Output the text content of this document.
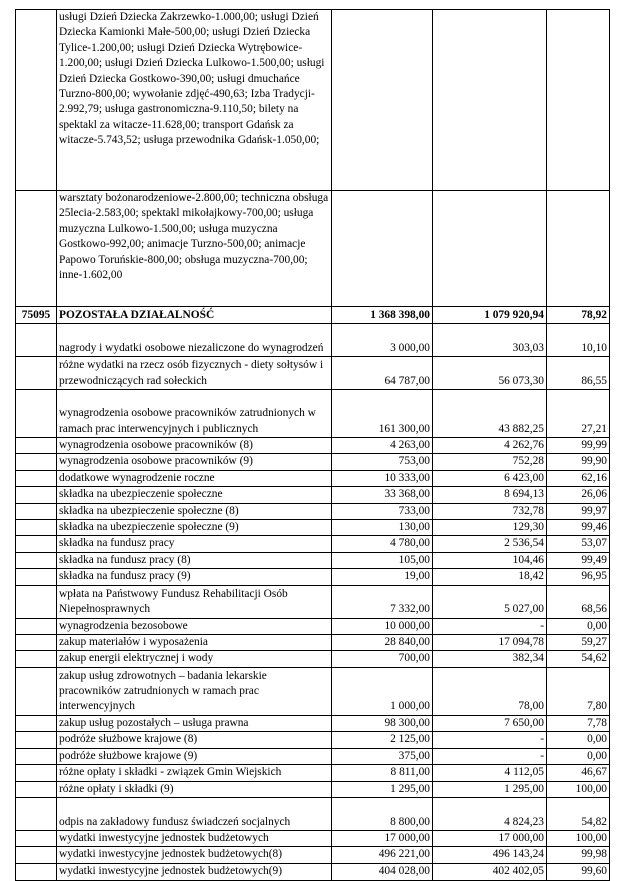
	usługi Dzień Dziecka Zakrzewko-1.000,00; usługi Dzień Dziecka Kamionki Małe-500,00; usługi Dzień Dziecka Tylice-1.200,00; usługi Dzień Dziecka Wytrębowice-1.200,00; usługi Dzień Dziecka Lulkowo-1.500,00; usługi Dzień Dziecka Gostkowo-390,00; usługi dmuchańce Turzno-800,00; wywołanie zdjęć-490,63; Izba Tradycji-2.992,79; usługa gastronomiczna-9.110,50; bilety na spektakl za witacze-11.628,00; transport Gdańsk za witacze-5.743,52; usługa przewodnika Gdańsk-1.050,00;			

	warsztaty bożonarodzeniowe-2.800,00; techniczna obsługa 25lecia-2.583,00; spektakl mikołajkowy-700,00; usługa muzyczna Lulkowo-1.500,00; usługa muzyczna Gostkowo-992,00; animacje Turzno-500,00; animacje Papowo Toruńskie-800,00; obsługa muzyczna-700,00; inne-1.602,00			

75095	POZOSTAŁA DZIAŁALNOŚĆ	1 368 398,00	1 079 920,94	78,92

	nagrody i wydatki osobowe niezaliczone do wynagrodzeń	3 000,00	303,03	10,10

	różne wydatki na rzecz osób fizycznych - diety sołtysów i przewodniczących rad sołeckich	64 787,00	56 073,30	86,55

	wynagrodzenia osobowe pracowników zatrudnionych w ramach prac interwencyjnych i publicznych	161 300,00	43 882,25	27,21

	wynagrodzenia osobowe pracowników (8)	4 263,00	4 262,76	99,99

	wynagrodzenia osobowe pracowników (9)	753,00	752,28	99,90

	dodatkowe wynagrodzenie roczne	10 333,00	6 423,00	62,16

	składka na ubezpieczenie społeczne	33 368,00	8 694,13	26,06

	składka na ubezpieczenie społeczne (8)	733,00	732,78	99,97

	składka na ubezpieczenie społeczne (9)	130,00	129,30	99,46

	składka na fundusz pracy	4 780,00	2 536,54	53,07

	składka na fundusz pracy (8)	105,00	104,46	99,49

	składka na fundusz pracy (9)	19,00	18,42	96,95

	wpłata na Państwowy Fundusz Rehabilitacji Osób Niepełnosprawnych	7 332,00	5 027,00	68,56

	wynagrodzenia bezosobowe	10 000,00	-	0,00

	zakup materiałów i wyposażenia	28 840,00	17 094,78	59,27

	zakup energii elektrycznej i wody	700,00	382,34	54,62

	zakup usług zdrowotnych – badania lekarskie pracowników zatrudnionych w ramach prac interwencyjnych	1 000,00	78,00	7,80

	zakup usług pozostałych – usługa prawna	98 300,00	7 650,00	7,78

	podróże służbowe krajowe (8)	2 125,00	-	0,00

	podróże służbowe krajowe (9)	375,00	-	0,00

	różne opłaty i składki - związek Gmin Wiejskich	8 811,00	4 112,05	46,67

	różne opłaty i składki (9)	1 295,00	1 295,00	100,00

	odpis na zakładowy fundusz świadczeń socjalnych	8 800,00	4 824,23	54,82

	wydatki inwestycyjne jednostek budżetowych	17 000,00	17 000,00	100,00

	wydatki inwestycyjne jednostek budżetowych(8)	496 221,00	496 143,24	99,98

	wydatki inwestycyjne jednostek budżetowych(9)	404 028,00	402 402,05	99,60
